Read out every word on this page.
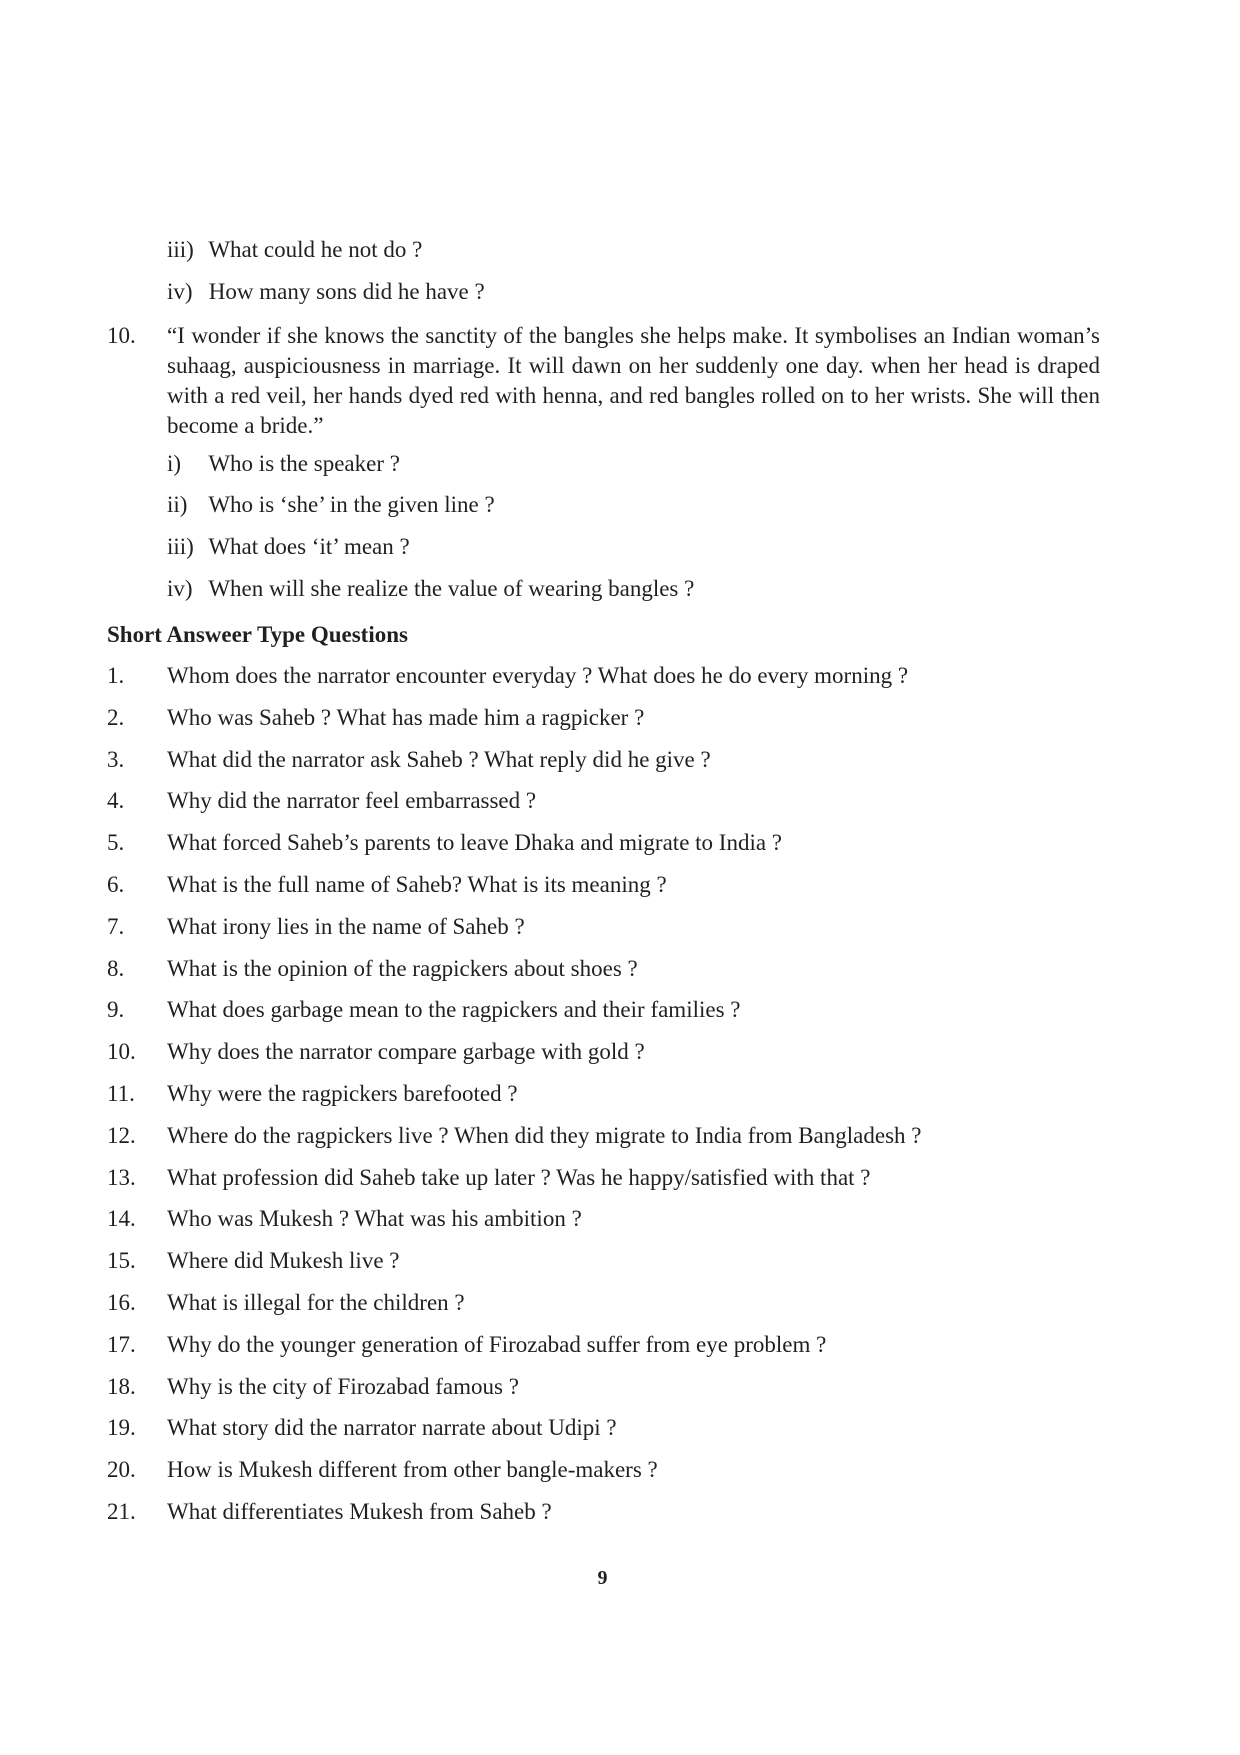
iii) What could he not do ?
iv) How many sons did he have ?
10. “I wonder if she knows the sanctity of the bangles she helps make. It symbolises an Indian woman’s suhaag, auspiciousness in marriage. It will dawn on her suddenly one day. when her head is draped with a red veil, her hands dyed red with henna, and red bangles rolled on to her wrists. She will then become a bride.”
i) Who is the speaker ?
ii) Who is ‘she’ in the given line ?
iii) What does ‘it’ mean ?
iv) When will she realize the value of wearing bangles ?
Short Answeer Type Questions
1. Whom does the narrator encounter everyday ? What does he do every morning ?
2. Who was Saheb ? What has made him a ragpicker ?
3. What did the narrator ask Saheb ? What reply did he give ?
4. Why did the narrator feel embarrassed ?
5. What forced Saheb’s parents to leave Dhaka and migrate to India ?
6. What is the full name of Saheb? What is its meaning ?
7. What irony lies in the name of Saheb ?
8. What is the opinion of the ragpickers about shoes ?
9. What does garbage mean to the ragpickers and their families ?
10. Why does the narrator compare garbage with gold ?
11. Why were the ragpickers barefooted ?
12. Where do the ragpickers live ? When did they migrate to India from Bangladesh ?
13. What profession did Saheb take up later ? Was he happy/satisfied with that ?
14. Who was Mukesh ? What was his ambition ?
15. Where did Mukesh live ?
16. What is illegal for the children ?
17. Why do the younger generation of Firozabad suffer from eye problem ?
18. Why is the city of Firozabad famous ?
19. What story did the narrator narrate about Udipi ?
20. How is Mukesh different from other bangle-makers ?
21. What differentiates Mukesh from Saheb ?
9
